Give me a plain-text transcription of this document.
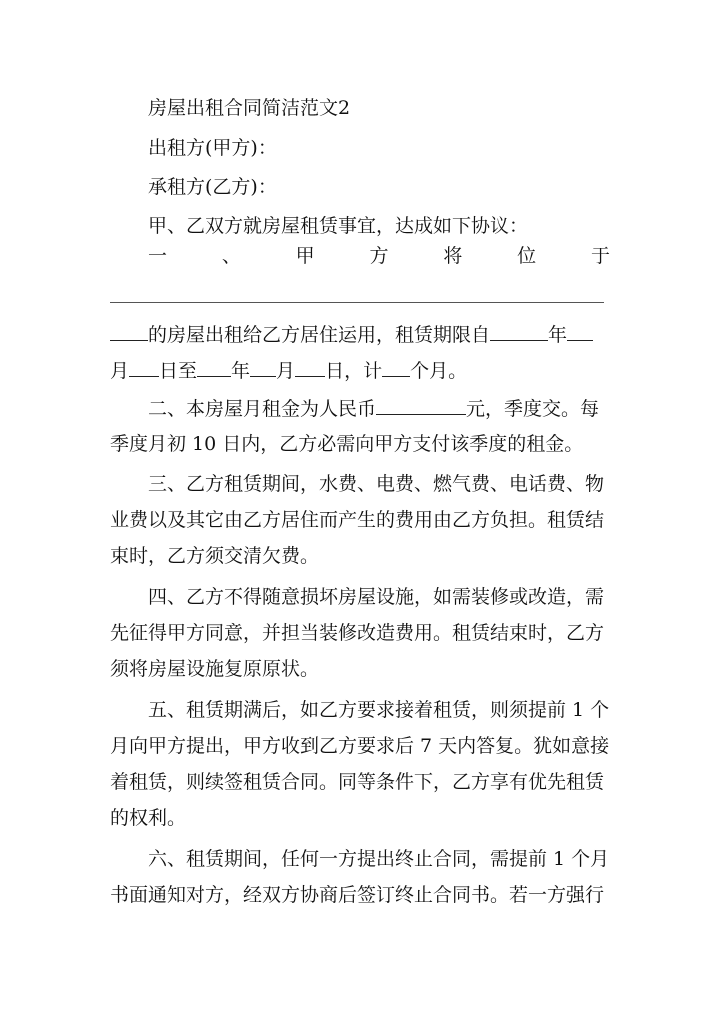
房屋出租合同简洁范文2
出租方(甲方)：
承租方(乙方)：
甲、乙双方就房屋租赁事宜，达成如下协议：
一	、	甲	方	将	位	于
的房屋出租给乙方居住运用，租赁期限自	年
月 日至 年 月 日，计 个月。
二、本房屋月租金为人民币	元，季度交。每
季度月初 10 日内，乙方必需向甲方支付该季度的租金。
三、乙方租赁期间，水费、电费、燃气费、电话费、物
业费以及其它由乙方居住而产生的费用由乙方负担。租赁结
束时，乙方须交清欠费。
四、乙方不得随意损坏房屋设施，如需装修或改造，需
先征得甲方同意，并担当装修改造费用。租赁结束时，乙方
须将房屋设施复原原状。
五、租赁期满后，如乙方要求接着租赁，则须提前 1 个
月向甲方提出，甲方收到乙方要求后 7 天内答复。犹如意接
着租赁，则续签租赁合同。同等条件下，乙方享有优先租赁
的权利。
六、租赁期间，任何一方提出终止合同，需提前 1 个月
书面通知对方，经双方协商后签订终止合同书。若一方强行
